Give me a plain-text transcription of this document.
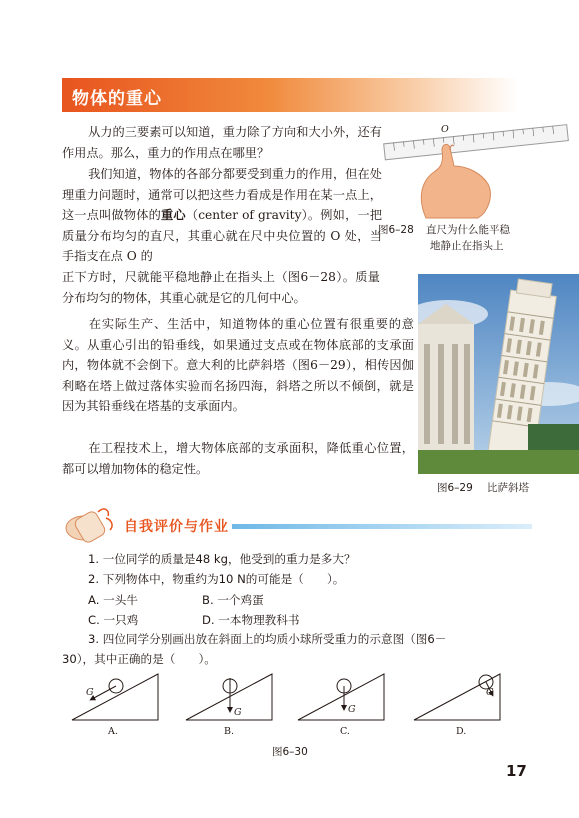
物体的重心
从力的三要素可以知道，重力除了方向和大小外，还有作用点。那么，重力的作用点在哪里？
我们知道，物体的各部分都要受到重力的作用，但在处理重力问题时，通常可以把这些力看成是作用在某一点上，这一点叫做物体的重心（center of gravity）。例如，一把质量分布均匀的直尺，其重心就在尺中央位置的 O 处，当手指支在点 O 的
正下方时，尺就能平稳地静止在指头上（图6－28）。质量分布均匀的物体，其重心就是它的几何中心。
在实际生产、生活中，知道物体的重心位置有很重要的意义。从重心引出的铅垂线，如果通过支点或在物体底部的支承面内，物体就不会倒下。意大利的比萨斜塔（图6－29），相传因伽利略在塔上做过落体实验而名扬四海，斜塔之所以不倾倒，就是因为其铅垂线在塔基的支承面内。
在工程技术上，增大物体底部的支承面积，降低重心位置，都可以增加物体的稳定性。
O
图6–28 直尺为什么能平稳
地静止在指头上
图6–29 比萨斜塔
自我评价与作业
1. 一位同学的质量是48 kg，他受到的重力是多大？
2. 下列物体中，物重约为10 N的可能是（　　）。
A. 一头牛	B. 一个鸡蛋
C. 一只鸡	D. 一本物理教科书
3. 四位同学分别画出放在斜面上的均质小球所受重力的示意图（图6－
30），其中正确的是（　　）。
G
G	G
G
A.	B.	C.	D.
图6–30
17
